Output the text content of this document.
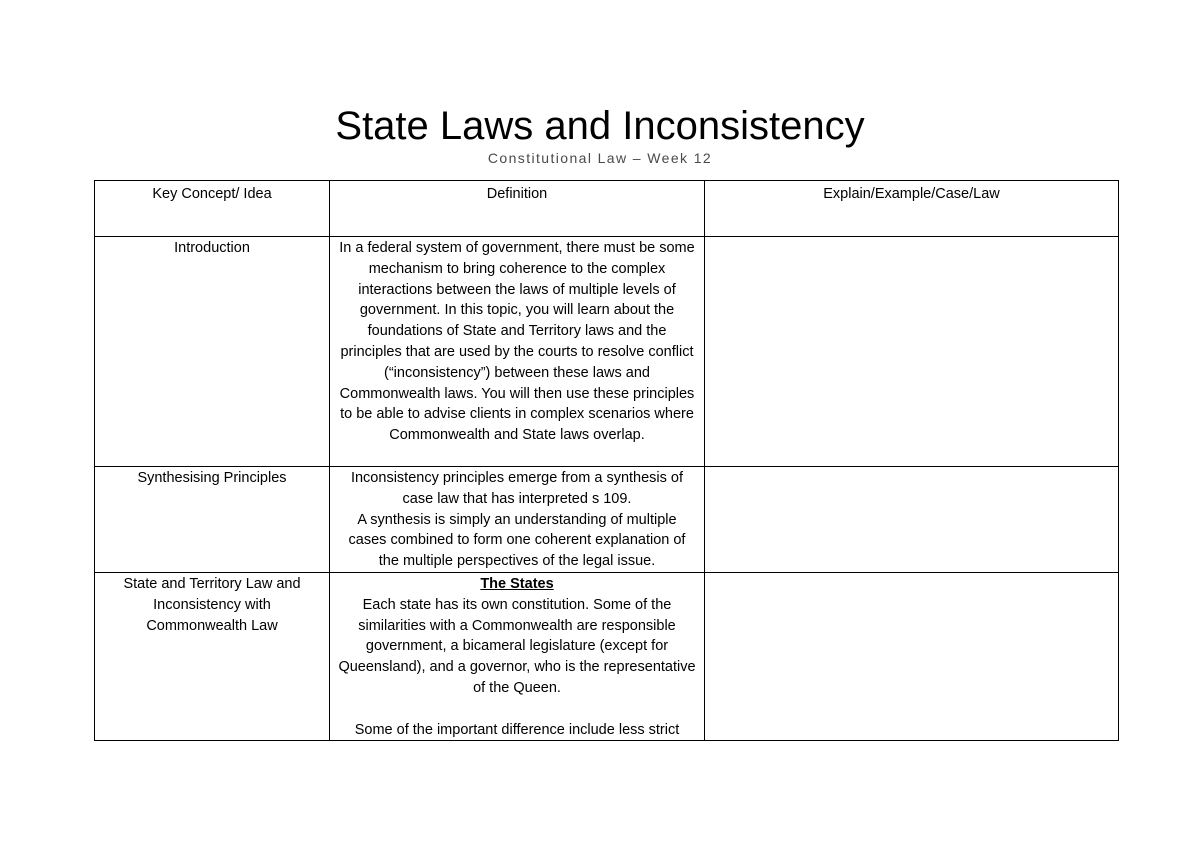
State Laws and Inconsistency

Constitutional Law – Week 12

Key Concept/ Idea	Definition	Explain/Example/Case/Law
Introduction	In a federal system of government, there must be some mechanism to bring coherence to the complex interactions between the laws of multiple levels of government. In this topic, you will learn about the foundations of State and Territory laws and the principles that are used by the courts to resolve conflict (“inconsistency”) between these laws and Commonwealth laws. You will then use these principles to be able to advise clients in complex scenarios where Commonwealth and State laws overlap.	
Synthesising Principles	Inconsistency principles emerge from a synthesis of case law that has interpreted s 109.
A synthesis is simply an understanding of multiple cases combined to form one coherent explanation of the multiple perspectives of the legal issue.	

State and Territory Law and Inconsistency with Commonwealth Law	The States
Each state has its own constitution. Some of the similarities with a Commonwealth are responsible government, a bicameral legislature (except for Queensland), and a governor, who is the representative of the Queen.
Some of the important difference include less strict	
